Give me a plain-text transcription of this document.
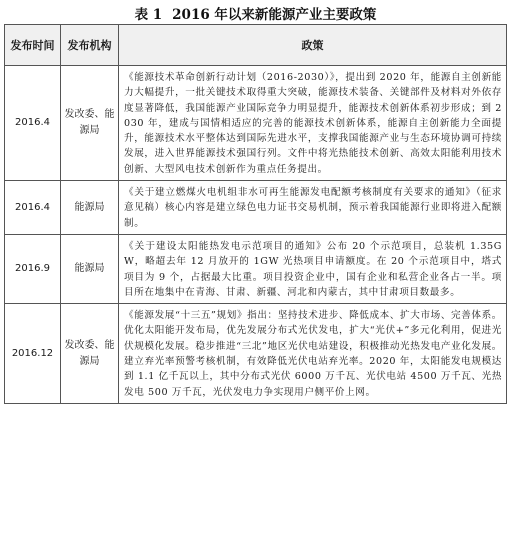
表 1 2016 年以来新能源产业主要政策
发布时间	发布机构	政策
2016.4	发改委、能源局	《能源技术革命创新行动计划（2016-2030）》，提出到 2020 年，能源自主创新能力大幅提升，一批关键技术取得重大突破，能源技术装备、关键部件及材料对外依存度显著降低，我国能源产业国际竞争力明显提升，能源技术创新体系初步形成；到 2030 年，建成与国情相适应的完善的能源技术创新体系，能源自主创新能力全面提升，能源技术水平整体达到国际先进水平，支撑我国能源产业与生态环境协调可持续发展，进入世界能源技术强国行列。文件中将光热能技术创新、高效太阳能利用技术创新、大型风电技术创新作为重点任务提出。
2016.4	能源局	《关于建立燃煤火电机组非水可再生能源发电配额考核制度有关要求的通知》（征求意见稿）核心内容是建立绿色电力证书交易机制，预示着我国能源行业即将进入配额制。
2016.9	能源局	《关于建设太阳能热发电示范项目的通知》公布 20 个示范项目，总装机 1.35GW，略超去年 12 月放开的 1GW 光热项目申请额度。在 20 个示范项目中，塔式项目为 9 个，占据最大比重。项目投资企业中，国有企业和私营企业各占一半。项目所在地集中在青海、甘肃、新疆、河北和内蒙古，其中甘肃项目数最多。
2016.12	发改委、能源局	《能源发展“十三五”规划》指出：坚持技术进步、降低成本、扩大市场、完善体系。优化太阳能开发布局，优先发展分布式光伏发电，扩大“光伏+”多元化利用，促进光伏规模化发展。稳步推进“三北”地区光伏电站建设，积极推动光热发电产业化发展。建立弃光率预警考核机制，有效降低光伏电站弃光率。2020 年，太阳能发电规模达到 1.1 亿千瓦以上，其中分布式光伏 6000 万千瓦、光伏电站 4500 万千瓦、光热发电 500 万千瓦，光伏发电力争实现用户侧平价上网。
